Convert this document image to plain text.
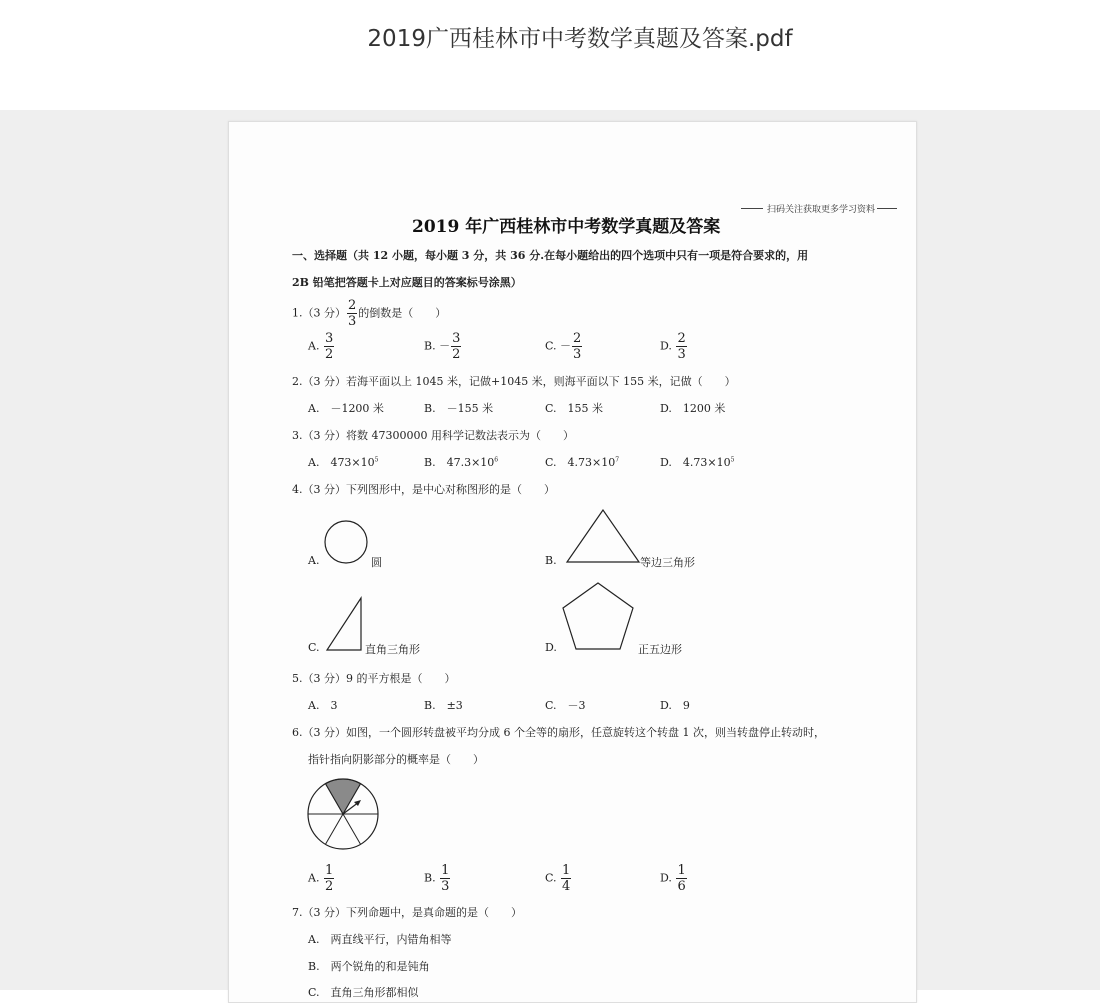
2019广西桂林市中考数学真题及答案.pdf
扫码关注获取更多学习资料
2019 年广西桂林市中考数学真题及答案
一、选择题（共 12 小题，每小题 3 分，共 36 分.在每小题给出的四个选项中只有一项是符合要求的，用
2B 铅笔把答题卡上对应题目的答案标号涂黑）
1.（3 分） $\frac{2}{3}$ 的倒数是（　　）
A. $\frac{3}{2}$	B. － $\frac{3}{2}$	C. － $\frac{2}{3}$	D. $\frac{2}{3}$
2.（3 分）若海平面以上 1045 米，记做+1045 米，则海平面以下 155 米，记做（　　）
A.　－1200 米	B.　－155 米	C.　155 米	D.　1200 米
3.（3 分）将数 47300000 用科学记数法表示为（　　）
A.　$473\times 10^5$	B.　$47.3\times 10^6$	C.　$4.73\times 10^7$	D.　$4.73\times 10^5$
4.（3 分）下列图形中，是中心对称图形的是（　　）
A.	圆	B.	等边三角形
C.	直角三角形	D.	正五边形
5.（3 分）9 的平方根是（　　）
A.　3	B.　±3	C.　－3	D.　9
6.（3 分）如图，一个圆形转盘被平均分成 6 个全等的扇形，任意旋转这个转盘 1 次，则当转盘停止转动时，
指针指向阴影部分的概率是（　　）
A. $\frac{1}{2}$	B. $\frac{1}{3}$	C. $\frac{1}{4}$	D. $\frac{1}{6}$
7.（3 分）下列命题中，是真命题的是（　　）
A.　两直线平行，内错角相等
B.　两个锐角的和是钝角
C.　直角三角形都相似
